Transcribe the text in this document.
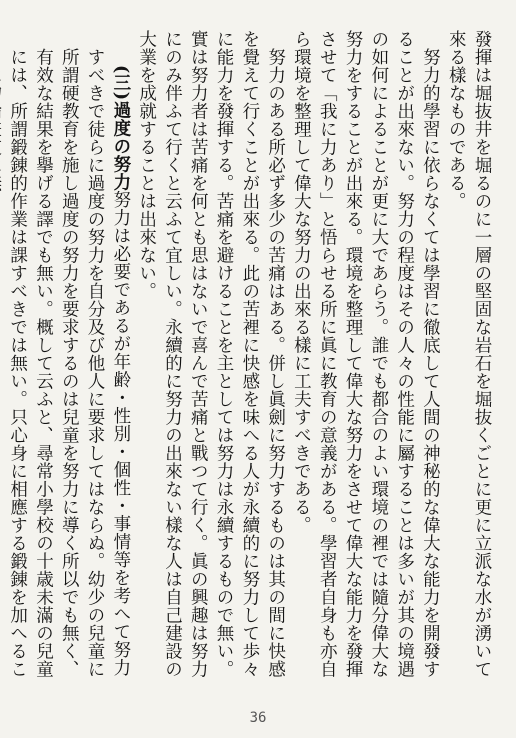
發揮は堀抜井を堀るのに一層の堅固な岩石を堀抜くごとに更に立派な水が湧いて來る樣なものである。

努力的學習に依らなくては學習に徹底して人間の神秘的な偉大な能力を開發することが出來ない。努力の程度はその人々の性能に屬することは多いが其の境遇の如何によることが更に大であらう。誰でも都合のよい環境の裡では隨分偉大な努力をすることが出來る。環境を整理して偉大な努力をさせて偉大な能力を發揮させて「我に力あり」と悟らせる所に眞に教育の意義がある。學習者自身も亦自ら環境を整理して偉大な努力の出來る樣に工夫すべきである。

努力のある所必ず多少の苦痛はある。併し眞劍に努力するものは其の間に快感を覺えて行くことが出來る。此の苦裡に快感を味へる人が永續的に努力して歩々に能力を發揮する。苦痛を避けることを主としては努力は永續するもので無い。實は努力者は苦痛を何とも思はないで喜んで苦痛と戰つて行く。眞の興趣は努力にのみ伴ふて行くと云ふて宜しい。永續的に努力の出來ない樣な人は自己建設の大業を成就することは出來ない。

(三)過度の努力努力は必要であるが年齢・性別・個性・事情等を考へて努力すべきで徒らに過度の努力を自分及び他人に要求してはならぬ。幼少の兒童に所謂硬教育を施し過度の努力を要求するのは兒童を努力に導く所以でも無く、有效な結果を擧げる譯でも無い。概して云ふと、尋常小學校の十歳未滿の兒童には、所謂鍛錬的作業は課すべきでは無い。只心身に相應する鍛錬を加へるこ

36
